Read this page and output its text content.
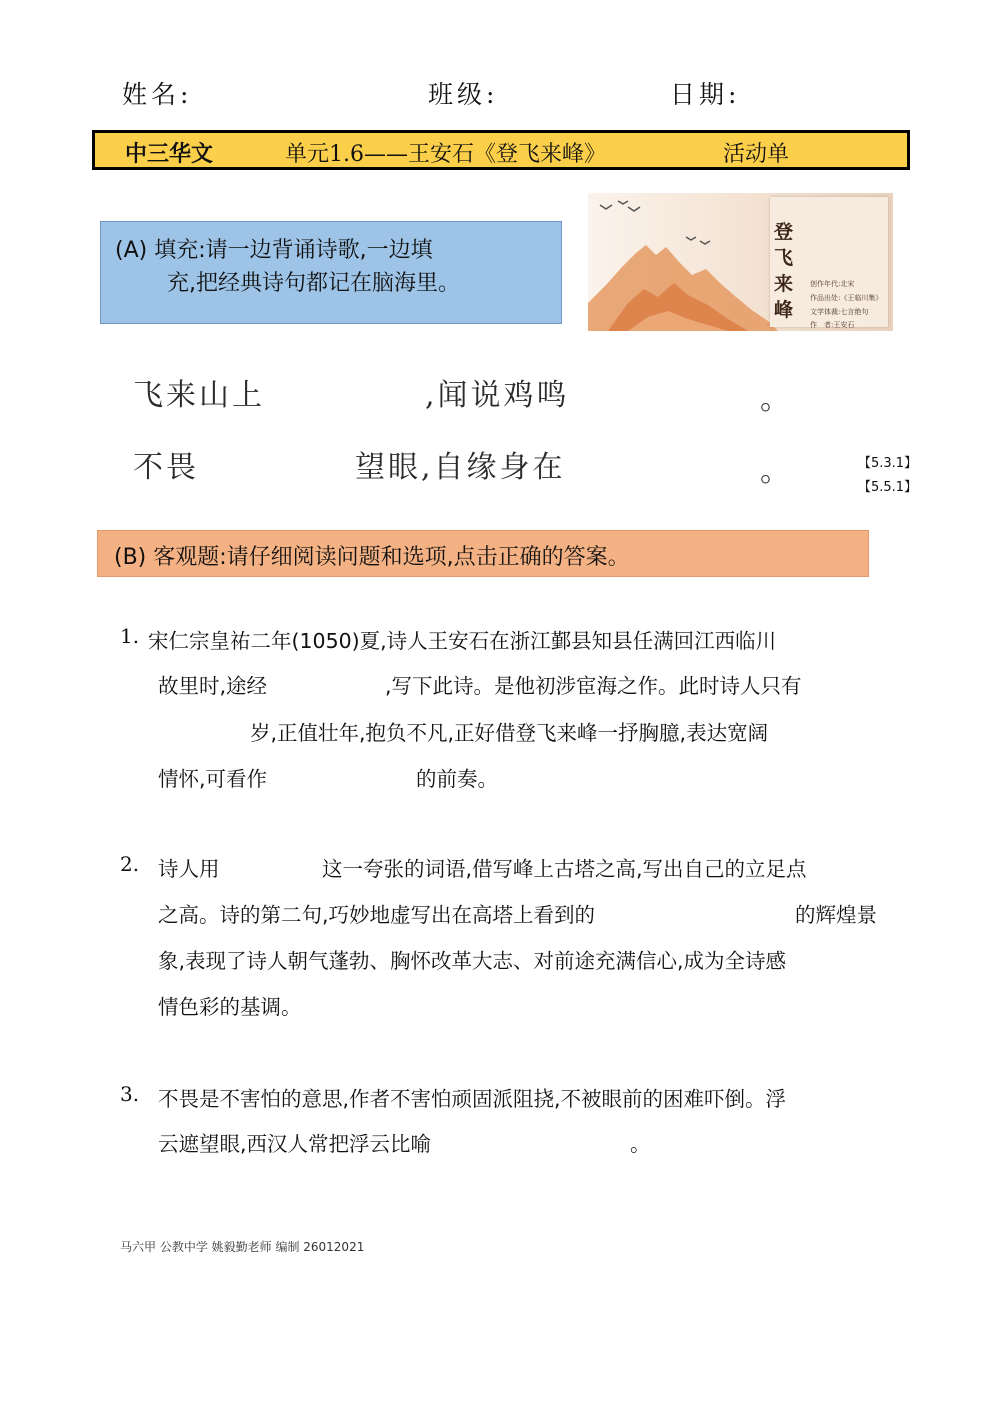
姓名:	班级:	日期:
中三华文	单元1.6——王安石《登飞来峰》	活动单
(A) 填充:请一边背诵诗歌,一边填
充,把经典诗句都记在脑海里。
登
飞
来
峰
创作年代:北宋
作品出处:《王临川集》
文学体裁:七言绝句
作　者:王安石
飞来山上	,闻说鸡鸣	。
不畏	望眼,自缘身在	。	【5.3.1】
【5.5.1】
(B) 客观题:请仔细阅读问题和选项,点击正确的答案。
1. 宋仁宗皇祐二年(1050)夏,诗人王安石在浙江鄞县知县任满回江西临川
故里时,途经	,写下此诗。是他初涉宦海之作。此时诗人只有
岁,正值壮年,抱负不凡,正好借登飞来峰一抒胸臆,表达宽阔
情怀,可看作	的前奏。
2. 诗人用	这一夸张的词语,借写峰上古塔之高,写出自己的立足点
之高。诗的第二句,巧妙地虚写出在高塔上看到的	的辉煌景
象,表现了诗人朝气蓬勃、胸怀改革大志、对前途充满信心,成为全诗感
情色彩的基调。
3. 不畏是不害怕的意思,作者不害怕顽固派阻挠,不被眼前的困难吓倒。浮
云遮望眼,西汉人常把浮云比喻	。
马六甲 公教中学 姚毅勤老师 编制 26012021
